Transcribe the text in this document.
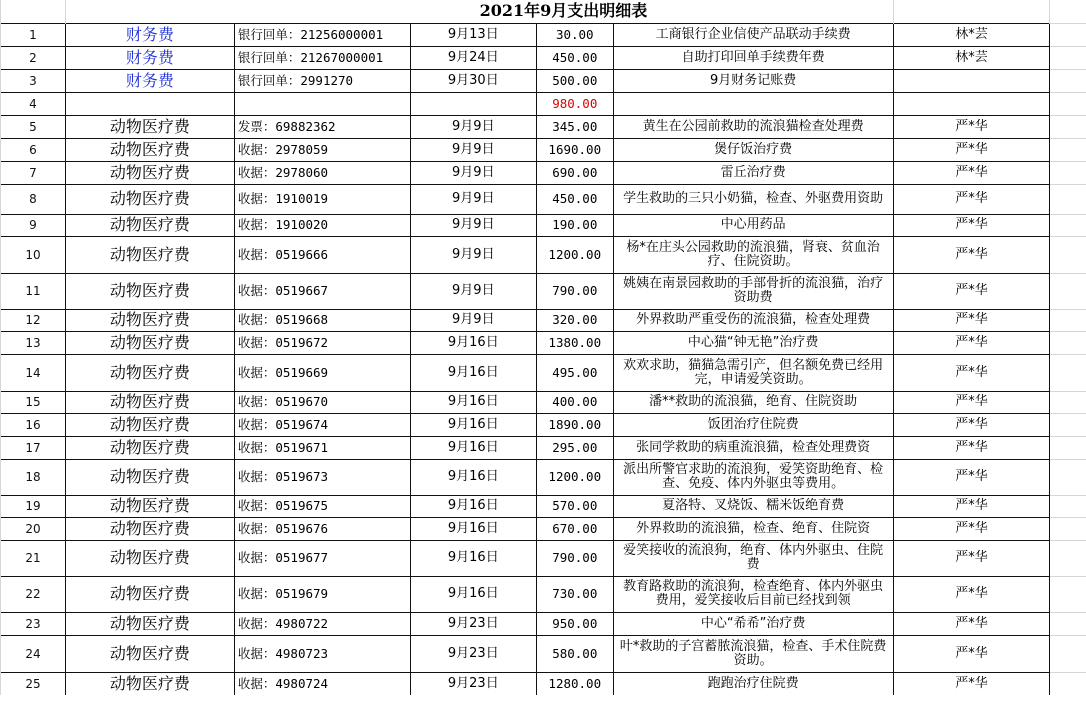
		2021年9月支出明细表					
1	财务费	银行回单：21256000001	9月13日	30.00	工商银行企业信使产品联动手续费	林*芸	
2	财务费	银行回单：21267000001	9月24日	450.00	自助打印回单手续费年费	林*芸	
3	财务费	银行回单：2991270	9月30日	500.00	9月财务记账费		
4				980.00			
5	动物医疗费	发票：69882362	9月9日	345.00	黄生在公园前救助的流浪猫检查处理费	严*华	
6	动物医疗费	收据：2978059	9月9日	1690.00	煲仔饭治疗费	严*华	
7	动物医疗费	收据：2978060	9月9日	690.00	雷丘治疗费	严*华	
8	动物医疗费	收据：1910019	9月9日	450.00	学生救助的三只小奶猫，检查、外驱费用资助	严*华	
9	动物医疗费	收据：1910020	9月9日	190.00	中心用药品	严*华	
10	动物医疗费	收据：0519666	9月9日	1200.00	杨*在庄头公园救助的流浪猫，肾衰、贫血治疗、住院资助。	严*华	
11	动物医疗费	收据：0519667	9月9日	790.00	姚姨在南景园救助的手部骨折的流浪猫，治疗资助费	严*华	
12	动物医疗费	收据：0519668	9月9日	320.00	外界救助严重受伤的流浪猫，检查处理费	严*华	
13	动物医疗费	收据：0519672	9月16日	1380.00	中心猫“钟无艳”治疗费	严*华	
14	动物医疗费	收据：0519669	9月16日	495.00	欢欢求助，猫猫急需引产，但名额免费已经用完，申请爱笑资助。	严*华	
15	动物医疗费	收据：0519670	9月16日	400.00	潘**救助的流浪猫，绝育、住院资助	严*华	
16	动物医疗费	收据：0519674	9月16日	1890.00	饭团治疗住院费	严*华	
17	动物医疗费	收据：0519671	9月16日	295.00	张同学救助的病重流浪猫，检查处理费资	严*华	
18	动物医疗费	收据：0519673	9月16日	1200.00	派出所警官求助的流浪狗，爱笑资助绝育、检查、免疫、体内外驱虫等费用。	严*华	
19	动物医疗费	收据：0519675	9月16日	570.00	夏洛特、叉烧饭、糯米饭绝育费	严*华	
20	动物医疗费	收据：0519676	9月16日	670.00	外界救助的流浪猫，检查、绝育、住院资	严*华	
21	动物医疗费	收据：0519677	9月16日	790.00	爱笑接收的流浪狗，绝育、体内外驱虫、住院费	严*华	
22	动物医疗费	收据：0519679	9月16日	730.00	教育路救助的流浪狗，检查绝育、体内外驱虫 费用，爱笑接收后目前已经找到领	严*华	
23	动物医疗费	收据：4980722	9月23日	950.00	中心“希希”治疗费	严*华	
24	动物医疗费	收据：4980723	9月23日	580.00	叶*救助的子宫蓄脓流浪猫，检查、手术住院费资助。	严*华	
25	动物医疗费	收据：4980724	9月23日	1280.00	跑跑治疗住院费	严*华	
